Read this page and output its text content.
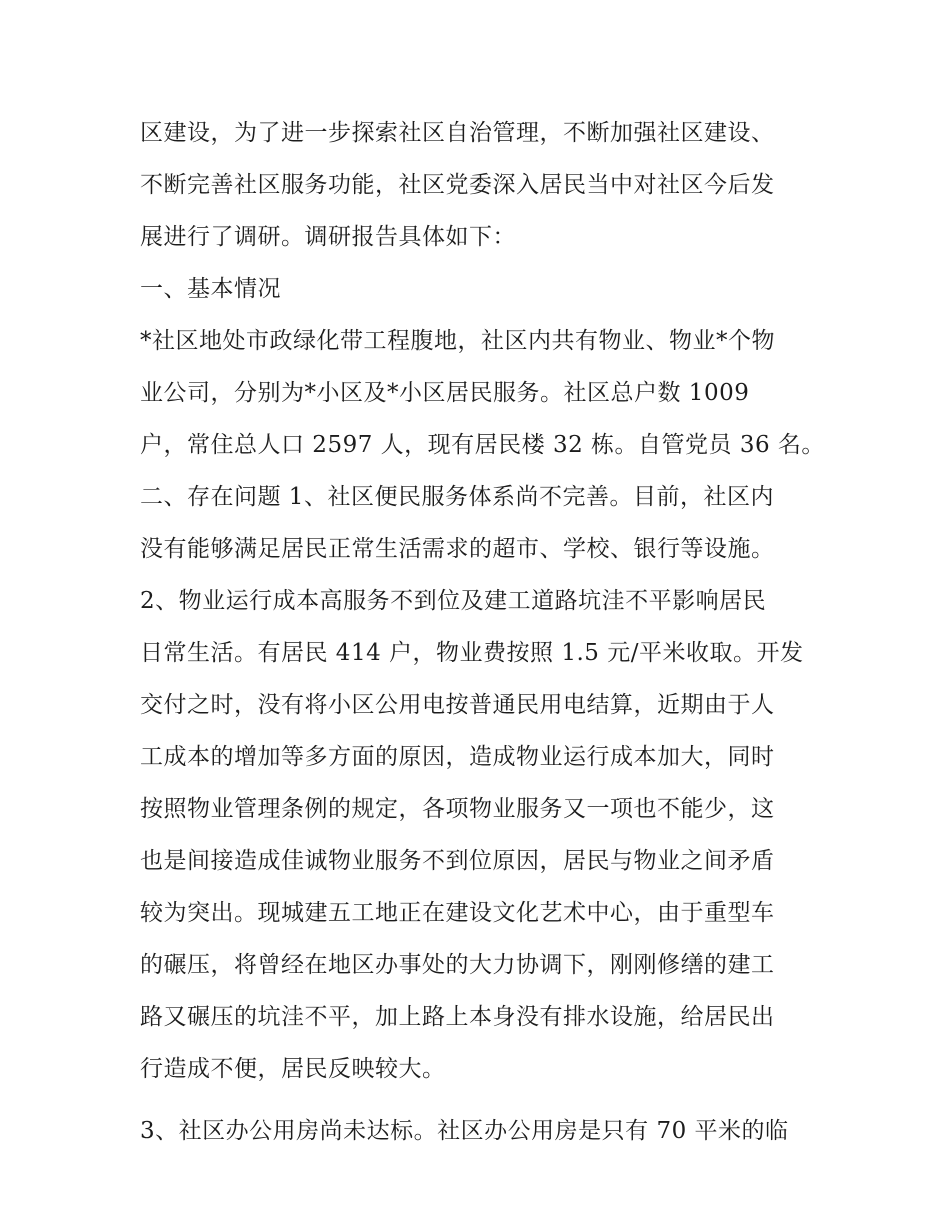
区建设，为了进一步探索社区自治管理，不断加强社区建设、
不断完善社区服务功能，社区党委深入居民当中对社区今后发
展进行了调研。调研报告具体如下：
一、基本情况
*社区地处市政绿化带工程腹地，社区内共有物业、物业*个物
业公司，分别为*小区及*小区居民服务。社区总户数 1009
户，常住总人口 2597 人，现有居民楼 32 栋。自管党员 36 名。
二、存在问题 1、社区便民服务体系尚不完善。目前，社区内
没有能够满足居民正常生活需求的超市、学校、银行等设施。
2、物业运行成本高服务不到位及建工道路坑洼不平影响居民
日常生活。有居民 414 户，物业费按照 1.5 元/平米收取。开发
交付之时，没有将小区公用电按普通民用电结算，近期由于人
工成本的增加等多方面的原因，造成物业运行成本加大，同时
按照物业管理条例的规定，各项物业服务又一项也不能少，这
也是间接造成佳诚物业服务不到位原因，居民与物业之间矛盾
较为突出。现城建五工地正在建设文化艺术中心，由于重型车
的碾压，将曾经在地区办事处的大力协调下，刚刚修缮的建工
路又碾压的坑洼不平，加上路上本身没有排水设施，给居民出
行造成不便，居民反映较大。
3、社区办公用房尚未达标。社区办公用房是只有 70 平米的临
